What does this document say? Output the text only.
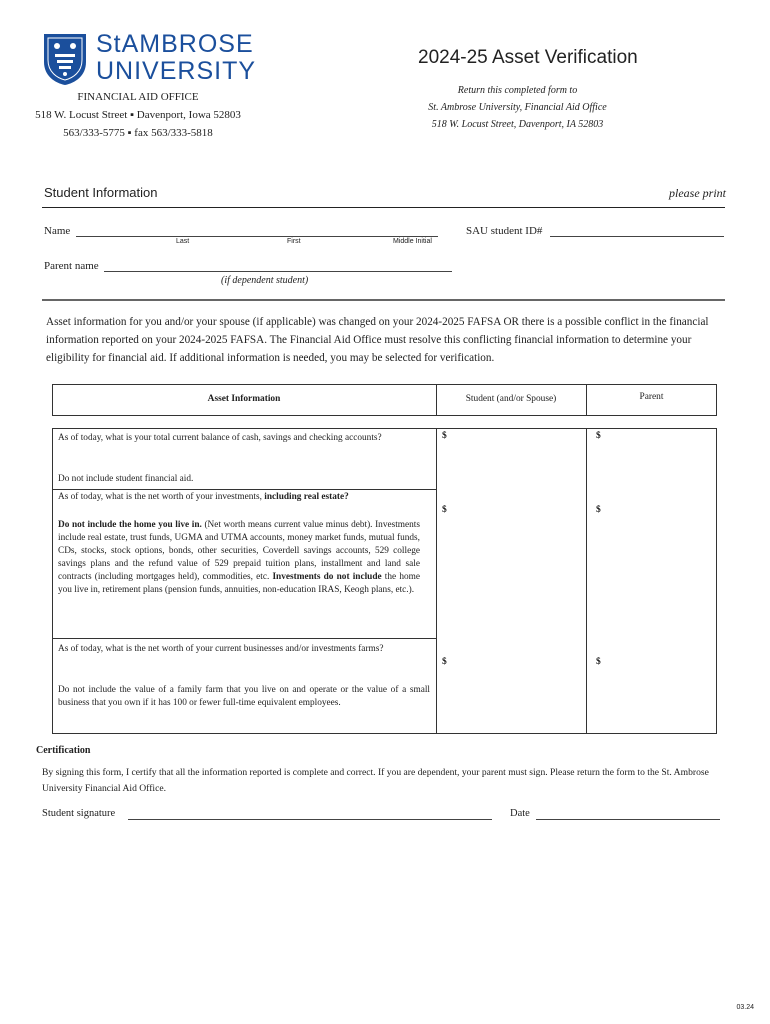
StAMBROSE
UNIVERSITY
FINANCIAL AID OFFICE
518 W. Locust Street ▪ Davenport, Iowa 52803
563/333-5775 ▪ fax 563/333-5818
2024-25 Asset Verification
Return this completed form to
St. Ambrose University, Financial Aid Office
518 W. Locust Street, Davenport, IA 52803
Student Information	please print
Name
Last	First	Middle Initial
SAU student ID#
Parent name
(if dependent student)
Asset information for you and/or your spouse (if applicable) was changed on your 2024-2025 FAFSA OR there is a possible conflict in the financial information reported on your 2024-2025 FAFSA. The Financial Aid Office must resolve this conflicting financial information to determine your eligibility for financial aid. If additional information is needed, you may be selected for verification.
Asset Information	Student (and/or Spouse)	Parent
As of today, what is your total current balance of cash, savings and checking accounts?
Do not include student financial aid.
$	$
As of today, what is the net worth of your investments, including real estate?
Do not include the home you live in. (Net worth means current value minus debt). Investments include real estate, trust funds, UGMA and UTMA accounts, money market funds, mutual funds, CDs, stocks, stock options, bonds, other securities, Coverdell savings accounts, 529 college savings plans and the refund value of 529 prepaid tuition plans, installment and land sale contracts (including mortgages held), commodities, etc. Investments do not include the home you live in, retirement plans (pension funds, annuities, non-education IRAS, Keogh plans, etc.).
$	$
As of today, what is the net worth of your current businesses and/or investments farms?
Do not include the value of a family farm that you live on and operate or the value of a small business that you own if it has 100 or fewer full-time equivalent employees.
$	$
Certification
By signing this form, I certify that all the information reported is complete and correct. If you are dependent, your parent must sign. Please return the form to the St. Ambrose University Financial Aid Office.
Student signature	Date
03.24
